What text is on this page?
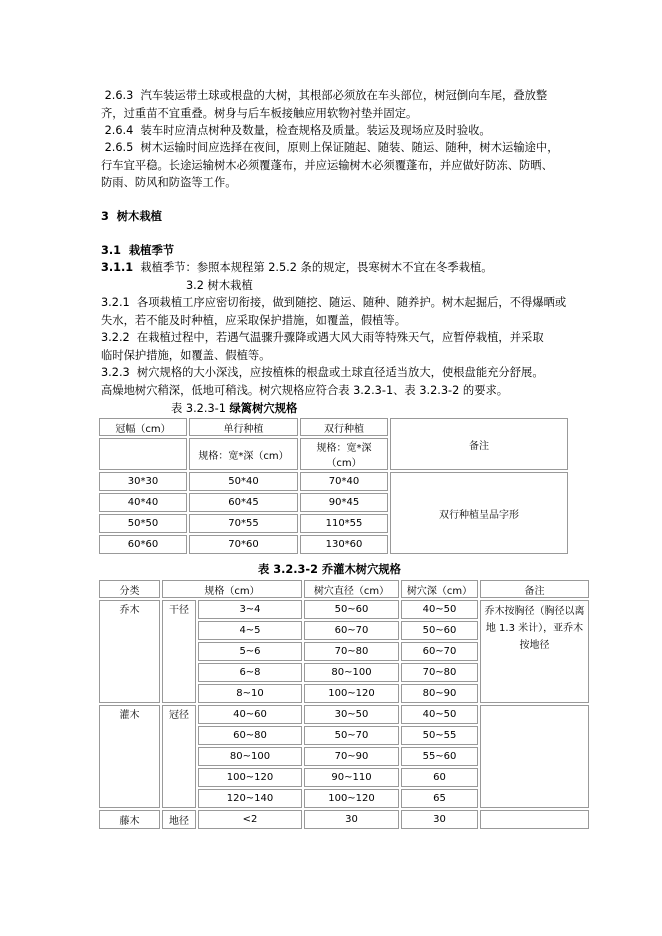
2.6.3  汽车装运带土球或根盘的大树，其根部必须放在车头部位，树冠倒向车尾，叠放整
齐，过重苗不宜重叠。树身与后车板接触应用软物衬垫并固定。
2.6.4  装车时应清点树种及数量，检查规格及质量。装运及现场应及时验收。
2.6.5  树木运输时间应选择在夜间，原则上保证随起、随装、随运、随种，树木运输途中，
行车宜平稳。长途运输树木必须覆蓬布，并应运输树木必须覆蓬布，并应做好防冻、防晒、
防雨、防风和防盗等工作。
3  树木栽植
3.1  栽植季节
3.1.1  栽植季节：参照本规程第 2.5.2 条的规定，畏寒树木不宜在冬季栽植。
3.2 树木栽植
3.2.1  各项栽植工序应密切衔接，做到随挖、随运、随种、随养护。树木起掘后，不得爆晒或
失水，若不能及时种植，应采取保护措施，如覆盖，假植等。
3.2.2  在栽植过程中，若遇气温骤升骤降或遇大风大雨等特殊天气，应暂停栽植，并采取
临时保护措施，如覆盖、假植等。
3.2.3  树穴规格的大小深浅，应按植株的根盘或土球直径适当放大，使根盘能充分舒展。
高燥地树穴稍深，低地可稍浅。树穴规格应符合表 3.2.3-1、表 3.2.3-2 的要求。
表 3.2.3-1 绿篱树穴规格
冠幅（cm）	单行种植	双行种植	备注
	规格：宽*深（cm）	规格：宽*深（cm）	
30*30	50*40	70*40	双行种植呈品字形
40*40	60*45	90*45	
50*50	70*55	110*55	
60*60	70*60	130*60	
表 3.2.3-2 乔灌木树穴规格
分类	规格（cm）		树穴直径（cm）	树穴深（cm）	备注
乔木	干径	3~4	50~60	40~50	乔木按胸径（胸径以离
地 1.3 米计），亚乔木
按地径
		4~5	60~70	50~60	
		5~6	70~80	60~70	
		6~8	80~100	70~80	
		8~10	100~120	80~90	
灌木	冠径	40~60	30~50	40~50	
		60~80	50~70	50~55	
		80~100	70~90	55~60	
		100~120	90~110	60	
		120~140	100~120	65	
藤木	地径	<2	30	30	
